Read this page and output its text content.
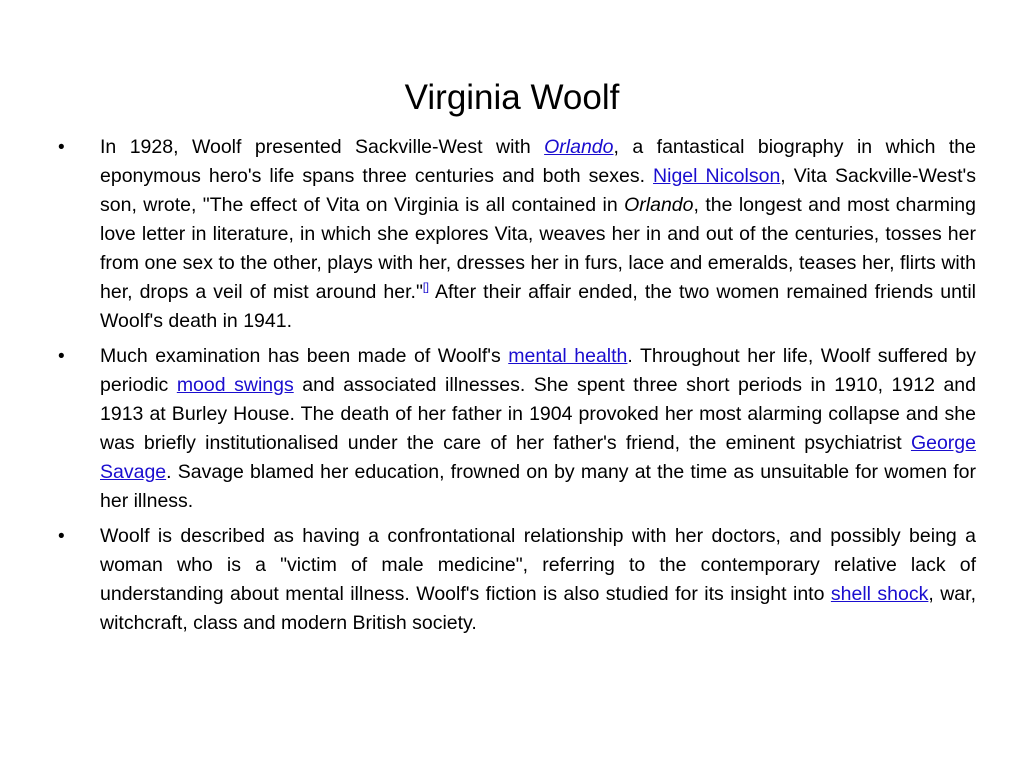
Virginia Woolf
• In 1928, Woolf presented Sackville-West with Orlando, a fantastical biography in which the eponymous hero's life spans three centuries and both sexes. Nigel Nicolson, Vita Sackville-West's son, wrote, "The effect of Vita on Virginia is all contained in Orlando, the longest and most charming love letter in literature, in which she explores Vita, weaves her in and out of the centuries, tosses her from one sex to the other, plays with her, dresses her in furs, lace and emeralds, teases her, flirts with her, drops a veil of mist around her."[] After their affair ended, the two women remained friends until Woolf's death in 1941.
• Much examination has been made of Woolf's mental health. Throughout her life, Woolf suffered by periodic mood swings and associated illnesses. She spent three short periods in 1910, 1912 and 1913 at Burley House. The death of her father in 1904 provoked her most alarming collapse and she was briefly institutionalised under the care of her father's friend, the eminent psychiatrist George Savage. Savage blamed her education, frowned on by many at the time as unsuitable for women for her illness.
• Woolf is described as having a confrontational relationship with her doctors, and possibly being a woman who is a "victim of male medicine", referring to the contemporary relative lack of understanding about mental illness. Woolf's fiction is also studied for its insight into shell shock, war, witchcraft, class and modern British society.
